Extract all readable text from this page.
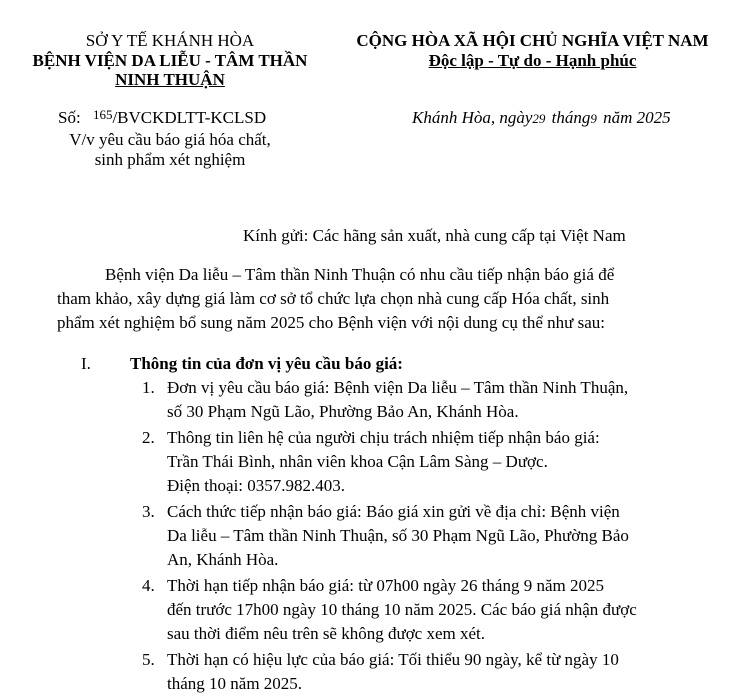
SỞ Y TẾ KHÁNH HÒA
BỆNH VIỆN DA LIỄU - TÂM THẦN
NINH THUẬN
CỘNG HÒA XÃ HỘI CHỦ NGHĨA VIỆT NAM
Độc lập - Tự do - Hạnh phúc
Số: $^{165}$/BVCKDLTT-KCLSD
V/v yêu cầu báo giá hóa chất,
sinh phẩm xét nghiệm
Khánh Hòa, ngày29 tháng9 năm 2025
Kính gửi: Các hãng sản xuất, nhà cung cấp tại Việt Nam
Bệnh viện Da liễu – Tâm thần Ninh Thuận có nhu cầu tiếp nhận báo giá để
tham khảo, xây dựng giá làm cơ sở tổ chức lựa chọn nhà cung cấp Hóa chất, sinh
phẩm xét nghiệm bổ sung năm 2025 cho Bệnh viện với nội dung cụ thể như sau:
I. Thông tin của đơn vị yêu cầu báo giá:
1. Đơn vị yêu cầu báo giá: Bệnh viện Da liễu – Tâm thần Ninh Thuận,
số 30 Phạm Ngũ Lão, Phường Bảo An, Khánh Hòa.
2. Thông tin liên hệ của người chịu trách nhiệm tiếp nhận báo giá:
Trần Thái Bình, nhân viên khoa Cận Lâm Sàng – Dược.
Điện thoại: 0357.982.403.
3. Cách thức tiếp nhận báo giá: Báo giá xin gửi về địa chỉ: Bệnh viện
Da liễu – Tâm thần Ninh Thuận, số 30 Phạm Ngũ Lão, Phường Bảo
An, Khánh Hòa.
4. Thời hạn tiếp nhận báo giá: từ 07h00 ngày 26 tháng 9 năm 2025
đến trước 17h00 ngày 10 tháng 10 năm 2025. Các báo giá nhận được
sau thời điểm nêu trên sẽ không được xem xét.
5. Thời hạn có hiệu lực của báo giá: Tối thiểu 90 ngày, kể từ ngày 10
tháng 10 năm 2025.
